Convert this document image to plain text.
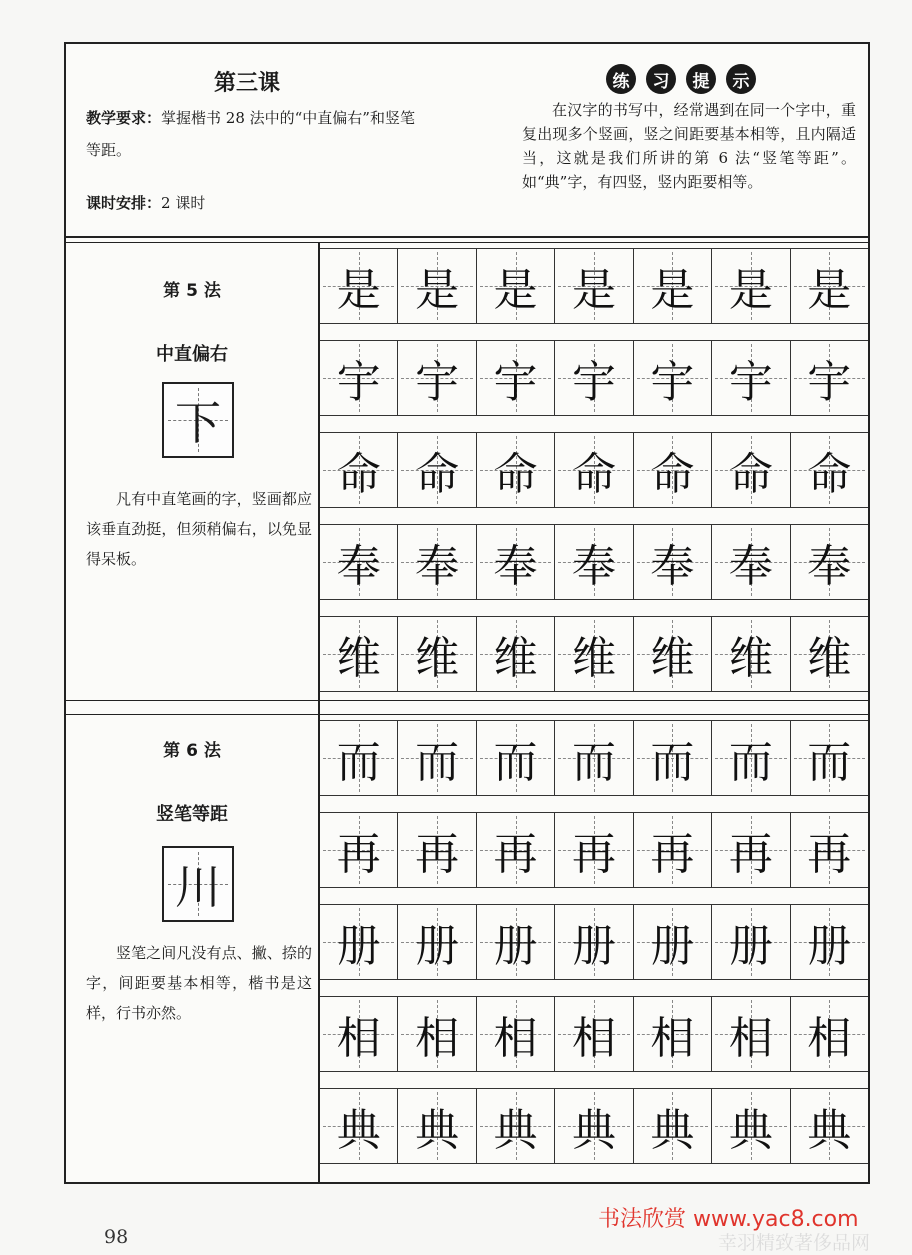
第三课
教学要求：掌握楷书 28 法中的“中直偏右”和竖笔等距。
课时安排：2 课时
练	习	提	示
在汉字的书写中，经常遇到在同一个字中，重复出现多个竖画，竖之间距要基本相等，且内隔适当，这就是我们所讲的第 6 法“竖笔等距”。如“典”字，有四竖，竖内距要相等。
第 5 法
中直偏右
下
凡有中直笔画的字，竖画都应该垂直劲挺，但须稍偏右，以免显得呆板。
是 是 是 是 是 是 是
宇 宇 宇 宇 宇 宇 宇
命 命 命 命 命 命 命
奉 奉 奉 奉 奉 奉 奉
维 维 维 维 维 维 维
第 6 法
竖笔等距
川
竖笔之间凡没有点、撇、捺的字，间距要基本相等，楷书是这样，行书亦然。
而 而 而 而 而 而 而
再 再 再 再 再 再 再
册 册 册 册 册 册 册
相 相 相 相 相 相 相
典 典 典 典 典 典 典
98
书法欣赏 www.yac8.com
幸羽精致著侈品网
